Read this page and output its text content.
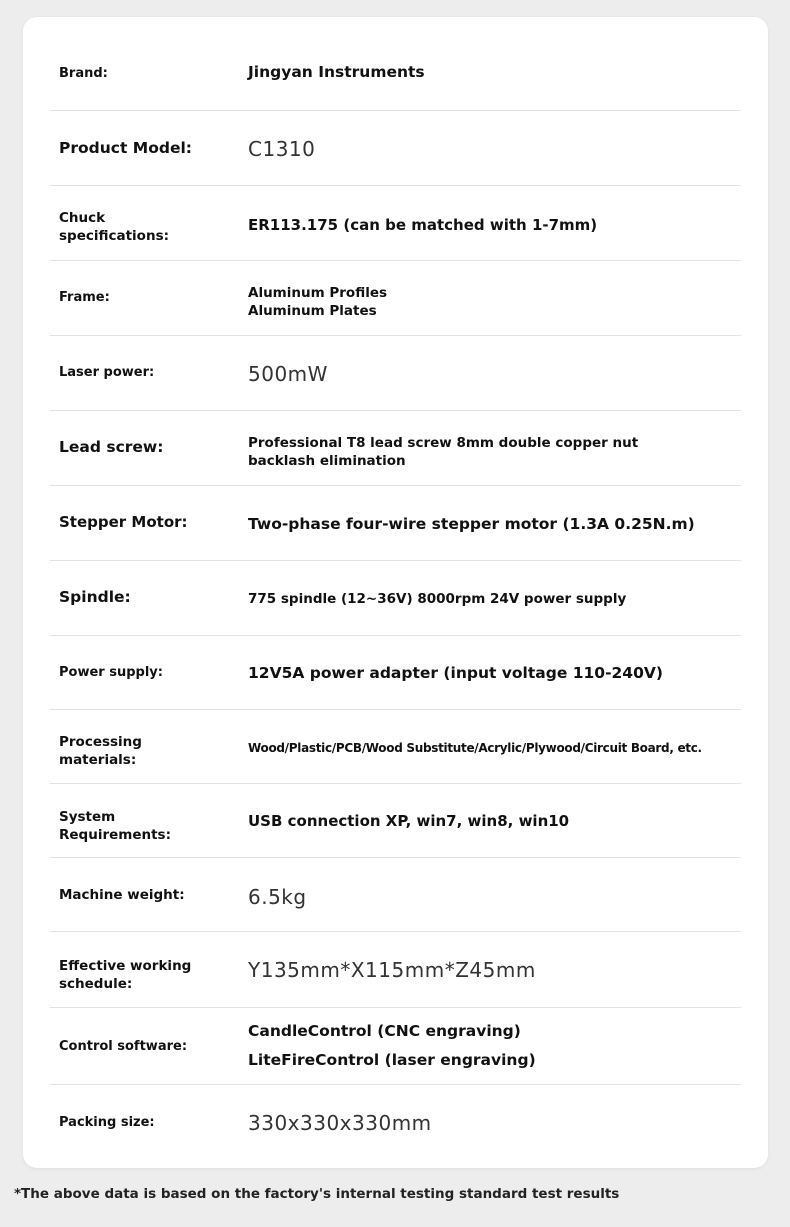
Brand:	Jingyan Instruments
Product Model:	C1310
Chuck specifications:
ER113.175 (can be matched with 1-7mm)
Frame:	Aluminum Profiles
Aluminum Plates
Laser power:	500mW
Lead screw:	Professional T8 lead screw 8mm double copper nut
backlash elimination
Stepper Motor:	Two-phase four-wire stepper motor (1.3A 0.25N.m)
Spindle:	775 spindle (12~36V) 8000rpm 24V power supply
Power supply:	12V5A power adapter (input voltage 110-240V)
Processing materials:
Wood/Plastic/PCB/Wood Substitute/Acrylic/Plywood/Circuit Board, etc.
System Requirements:
USB connection XP, win7, win8, win10
Machine weight:	6.5kg
Effective working schedule:
Y135mm*X115mm*Z45mm
Control software:
CandleControl (CNC engraving)
LiteFireControl (laser engraving)
Packing size:	330x330x330mm
*The above data is based on the factory's internal testing standard test results
